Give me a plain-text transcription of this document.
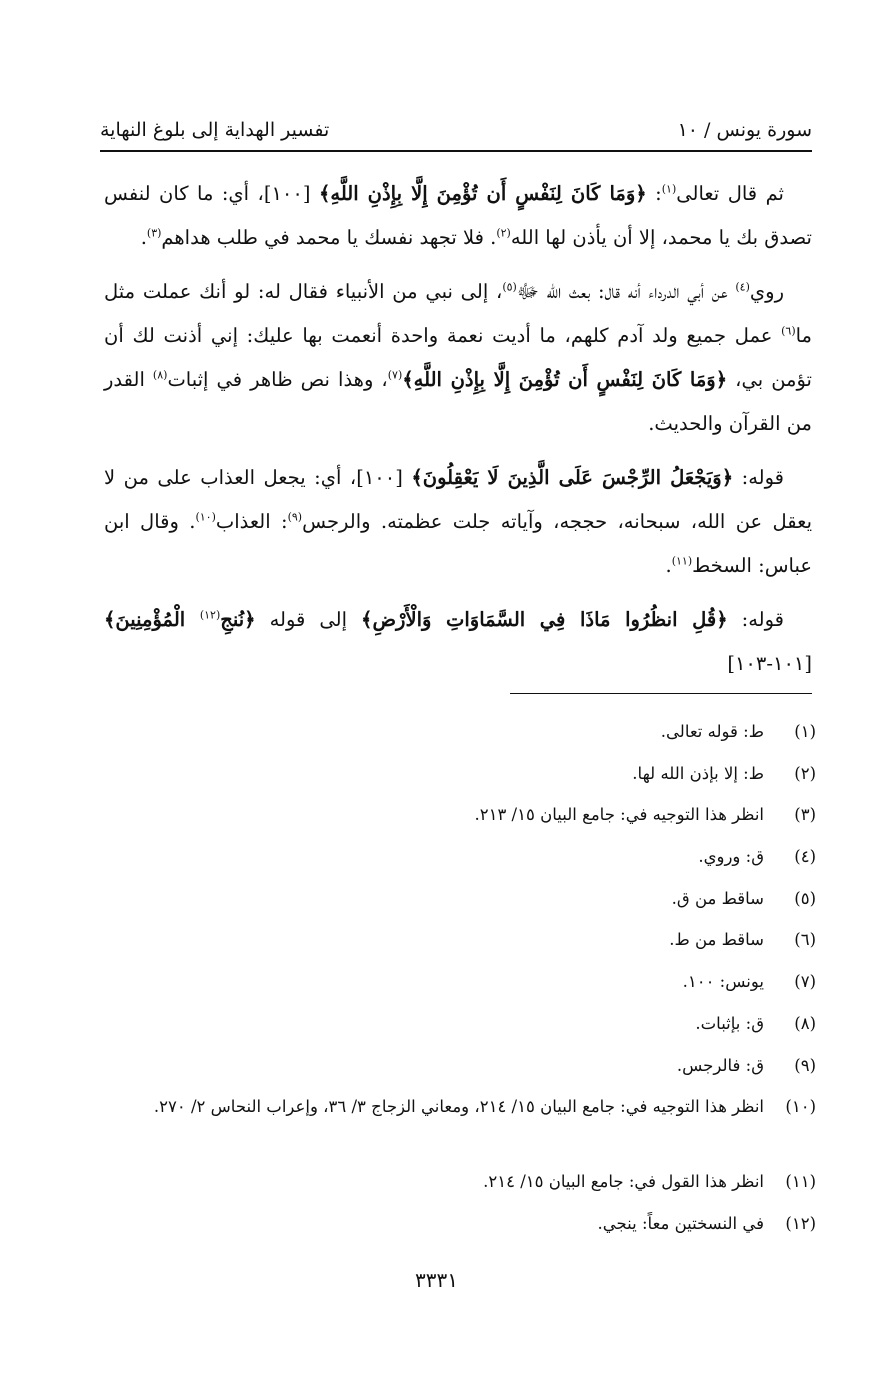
تفسير الهداية إلى بلوغ النهاية	سورة يونس / ١٠

ثم قال تعالى$^{(١)}$: ﴿وَمَا كَانَ لِنَفْسٍ أَن تُؤْمِنَ إِلَّا بِإِذْنِ اللَّهِ﴾ [١٠٠]، أي: ما كان لنفس تصدق بك يا محمد، إلا أن يأذن لها الله$^{(٢)}$. فلا تجهد نفسك يا محمد في طلب هداهم$^{(٣)}$.

روي$^{(٤)}$ عن أبي الدرداء أنه قال: بعث الله ﷻ$^{(٥)}$، إلى نبي من الأنبياء فقال له: لو أنك عملت مثل ما$^{(٦)}$ عمل جميع ولد آدم كلهم، ما أديت نعمة واحدة أنعمت بها عليك: إني أذنت لك أن تؤمن بي، ﴿وَمَا كَانَ لِنَفْسٍ أَن تُؤْمِنَ إِلَّا بِإِذْنِ اللَّهِ﴾$^{(٧)}$، وهذا نص ظاهر في إثبات$^{(٨)}$ القدر من القرآن والحديث.

قوله: ﴿وَيَجْعَلُ الرِّجْسَ عَلَى الَّذِينَ لَا يَعْقِلُونَ﴾ [١٠٠]، أي: يجعل العذاب على من لا يعقل عن الله، سبحانه، حججه، وآياته جلت عظمته. والرجس$^{(٩)}$: العذاب$^{(١٠)}$. وقال ابن عباس: السخط$^{(١١)}$.

قوله: ﴿قُلِ انظُرُوا مَاذَا فِي السَّمَاوَاتِ وَالْأَرْضِ﴾ إلى قوله ﴿نُنجِ$^{(١٢)}$ الْمُؤْمِنِينَ﴾ [١٠١-١٠٣]

(١)
ط: قوله تعالى.
(٢)
ط: إلا بإذن الله لها.
(٣)
انظر هذا التوجيه في: جامع البيان ١٥/ ٢١٣.
(٤)
ق: وروي.
(٥)
ساقط من ق.
(٦)
ساقط من ط.
(٧)
يونس: ١٠٠.
(٨)
ق: بإثبات.
(٩)
ق: فالرجس.
(١٠)
انظر هذا التوجيه في: جامع البيان ١٥/ ٢١٤، ومعاني الزجاج ٣/ ٣٦، وإعراب النحاس ٢/ ٢٧٠.
(١١)
انظر هذا القول في: جامع البيان ١٥/ ٢١٤.
(١٢)
في النسختين معاً: ينجي.
٣٣٣١
